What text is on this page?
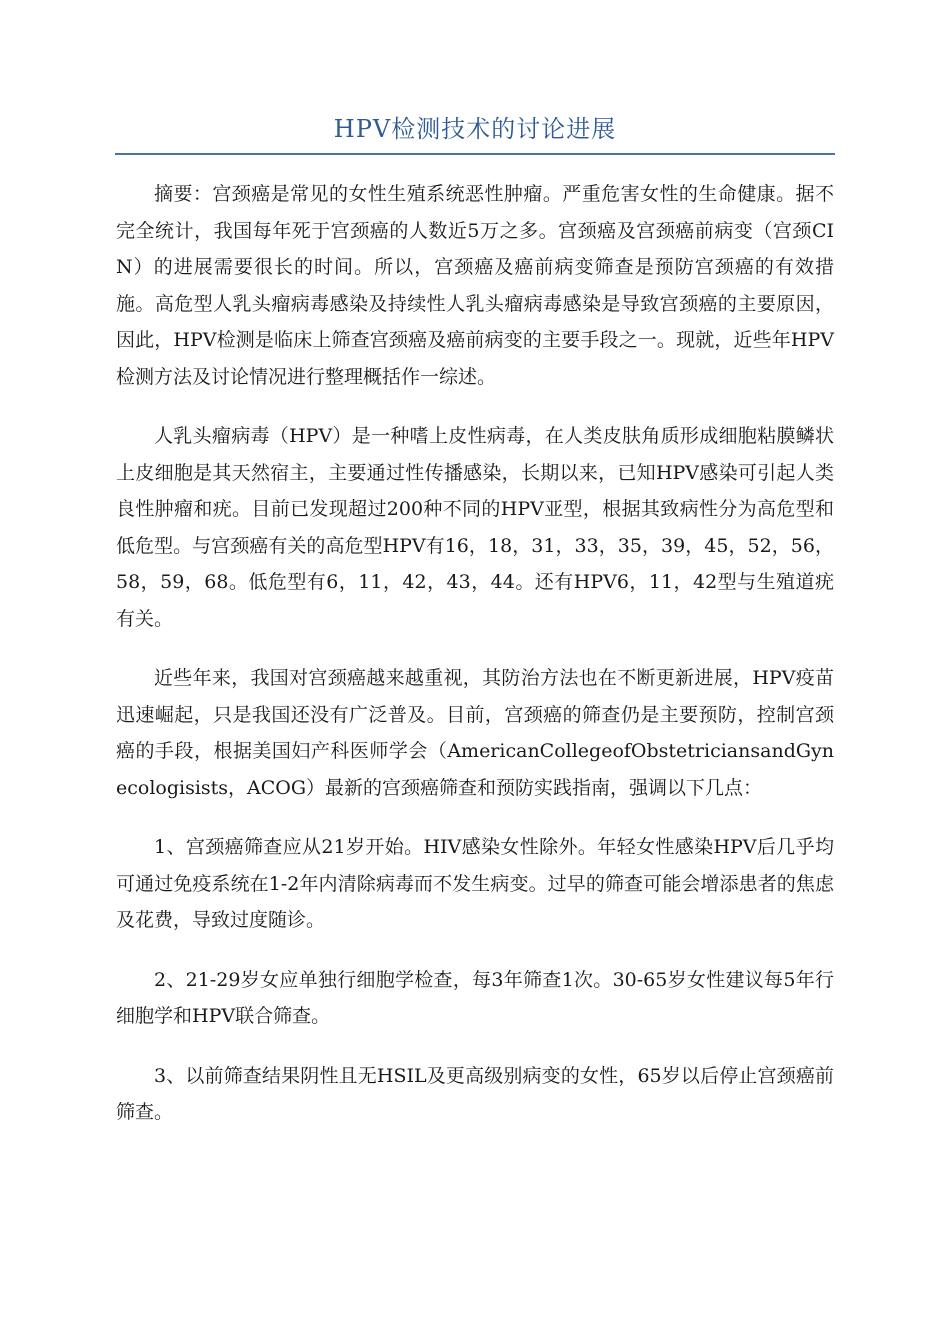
HPV检测技术的讨论进展

摘要：宫颈癌是常见的女性生殖系统恶性肿瘤。严重危害女性的生命健康。据不完全统计，我国每年死于宫颈癌的人数近5万之多。宫颈癌及宫颈癌前病变（宫颈CIN）的进展需要很长的时间。所以，宫颈癌及癌前病变筛查是预防宫颈癌的有效措施。高危型人乳头瘤病毒感染及持续性人乳头瘤病毒感染是导致宫颈癌的主要原因，因此，HPV检测是临床上筛查宫颈癌及癌前病变的主要手段之一。现就，近些年HPV检测方法及讨论情况进行整理概括作一综述。

人乳头瘤病毒（HPV）是一种嗜上皮性病毒，在人类皮肤角质形成细胞粘膜鳞状上皮细胞是其天然宿主，主要通过性传播感染，长期以来，已知HPV感染可引起人类良性肿瘤和疣。目前已发现超过200种不同的HPV亚型，根据其致病性分为高危型和低危型。与宫颈癌有关的高危型HPV有16，18，31，33，35，39，45，52，56，58，59，68。低危型有6，11，42，43，44。还有HPV6，11，42型与生殖道疣有关。

近些年来，我国对宫颈癌越来越重视，其防治方法也在不断更新进展，HPV疫苗迅速崛起，只是我国还没有广泛普及。目前，宫颈癌的筛查仍是主要预防，控制宫颈癌的手段，根据美国妇产科医师学会（AmericanCollegeofObstetriciansandGynecologisists，ACOG）最新的宫颈癌筛查和预防实践指南，强调以下几点：

1、宫颈癌筛查应从21岁开始。HIV感染女性除外。年轻女性感染HPV后几乎均可通过免疫系统在1-2年内清除病毒而不发生病变。过早的筛查可能会增添患者的焦虑及花费，导致过度随诊。

2、21-29岁女应单独行细胞学检查，每3年筛查1次。30-65岁女性建议每5年行细胞学和HPV联合筛查。

3、以前筛查结果阴性且无HSIL及更高级别病变的女性，65岁以后停止宫颈癌前筛查。
